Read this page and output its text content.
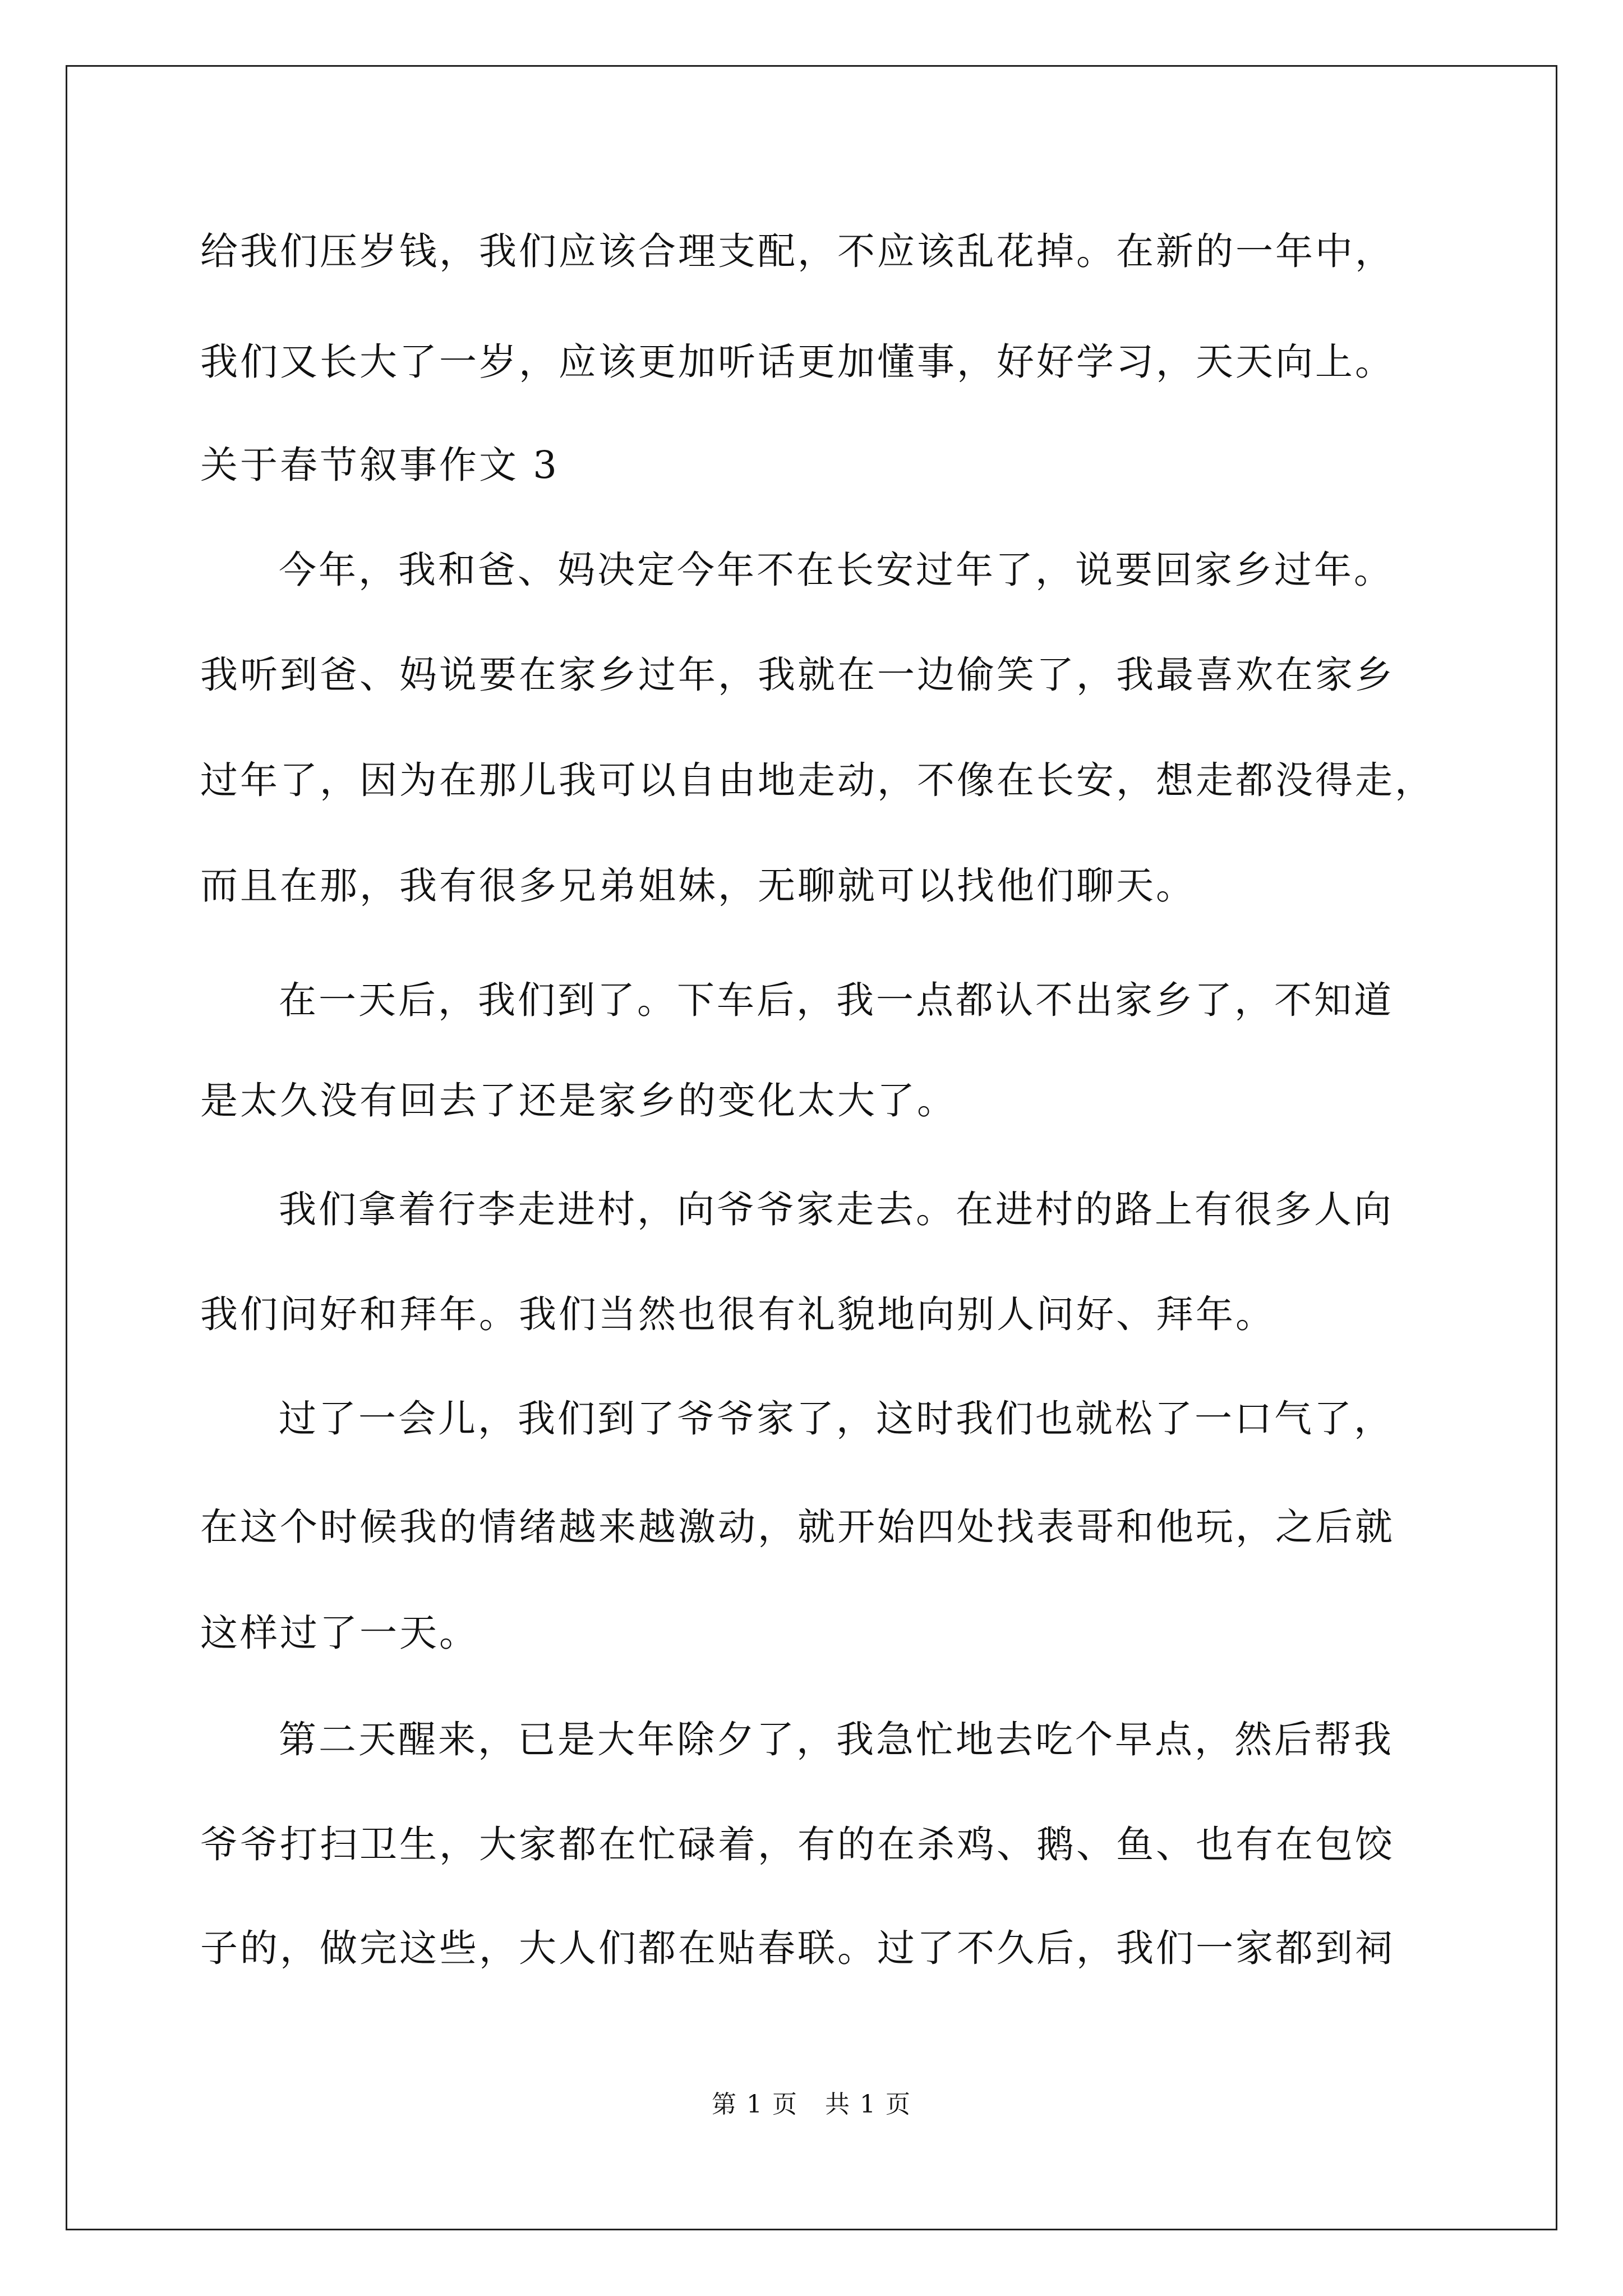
给我们压岁钱，我们应该合理支配，不应该乱花掉。在新的一年中，

我们又长大了一岁，应该更加听话更加懂事，好好学习，天天向上。

关于春节叙事作文 3

今年，我和爸、妈决定今年不在长安过年了，说要回家乡过年。

我听到爸、妈说要在家乡过年，我就在一边偷笑了，我最喜欢在家乡

过年了，因为在那儿我可以自由地走动，不像在长安，想走都没得走，

而且在那，我有很多兄弟姐妹，无聊就可以找他们聊天。

在一天后，我们到了。下车后，我一点都认不出家乡了，不知道

是太久没有回去了还是家乡的变化太大了。

我们拿着行李走进村，向爷爷家走去。在进村的路上有很多人向

我们问好和拜年。我们当然也很有礼貌地向别人问好、拜年。

过了一会儿，我们到了爷爷家了，这时我们也就松了一口气了，

在这个时候我的情绪越来越激动，就开始四处找表哥和他玩，之后就

这样过了一天。

第二天醒来，已是大年除夕了，我急忙地去吃个早点，然后帮我

爷爷打扫卫生，大家都在忙碌着，有的在杀鸡、鹅、鱼、也有在包饺

子的，做完这些，大人们都在贴春联。过了不久后，我们一家都到祠

第 1 页 共 1 页
